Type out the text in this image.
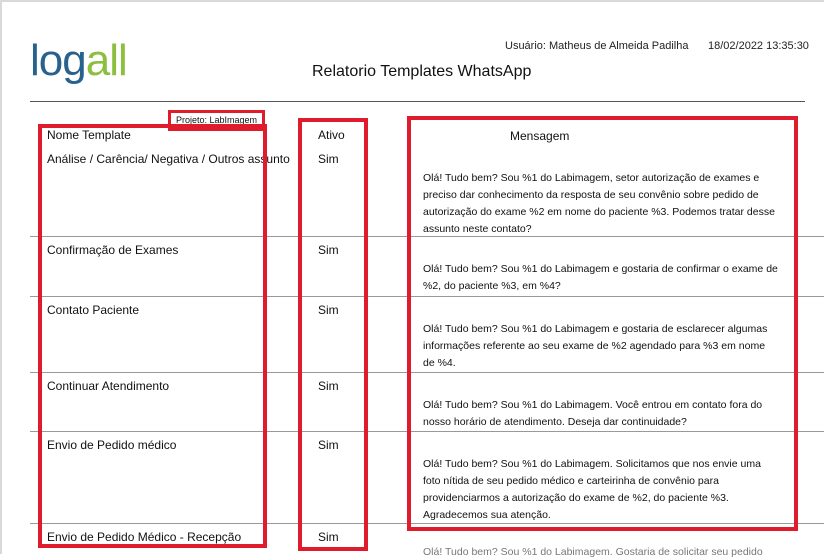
logall	Usuário: Matheus de Almeida Padilha 18/02/2022 13:35:30
Relatorio Templates WhatsApp
Projeto: LabImagem
Nome Template	Ativo	Mensagem
Análise / Carência/ Negativa / Outros assunto Sim
Olá! Tudo bem? Sou %1 do Labimagem, setor autorização de exames e preciso dar conhecimento da resposta de seu convênio sobre pedido de autorização do exame %2 em nome do paciente %3. Podemos tratar desse assunto neste contato?
Confirmação de Exames	Sim
Olá! Tudo bem? Sou %1 do Labimagem e gostaria de confirmar o exame de %2, do paciente %3, em %4?
Contato Paciente	Sim
Olá! Tudo bem? Sou %1 do Labimagem e gostaria de esclarecer algumas informações referente ao seu exame de %2 agendado para %3 em nome de %4.
Continuar Atendimento	Sim
Olá! Tudo bem? Sou %1 do Labimagem. Você entrou em contato fora do nosso horário de atendimento. Deseja dar continuidade?
Envio de Pedido médico	Sim
Olá! Tudo bem? Sou %1 do Labimagem. Solicitamos que nos envie uma foto nítida de seu pedido médico e carteirinha de convênio para providenciarmos a autorização do exame de %2, do paciente %3. Agradecemos sua atenção.
Envio de Pedido Médico - Recepção	Sim
Olá! Tudo bem? Sou %1 do Labimagem. Gostaria de solicitar seu pedido
